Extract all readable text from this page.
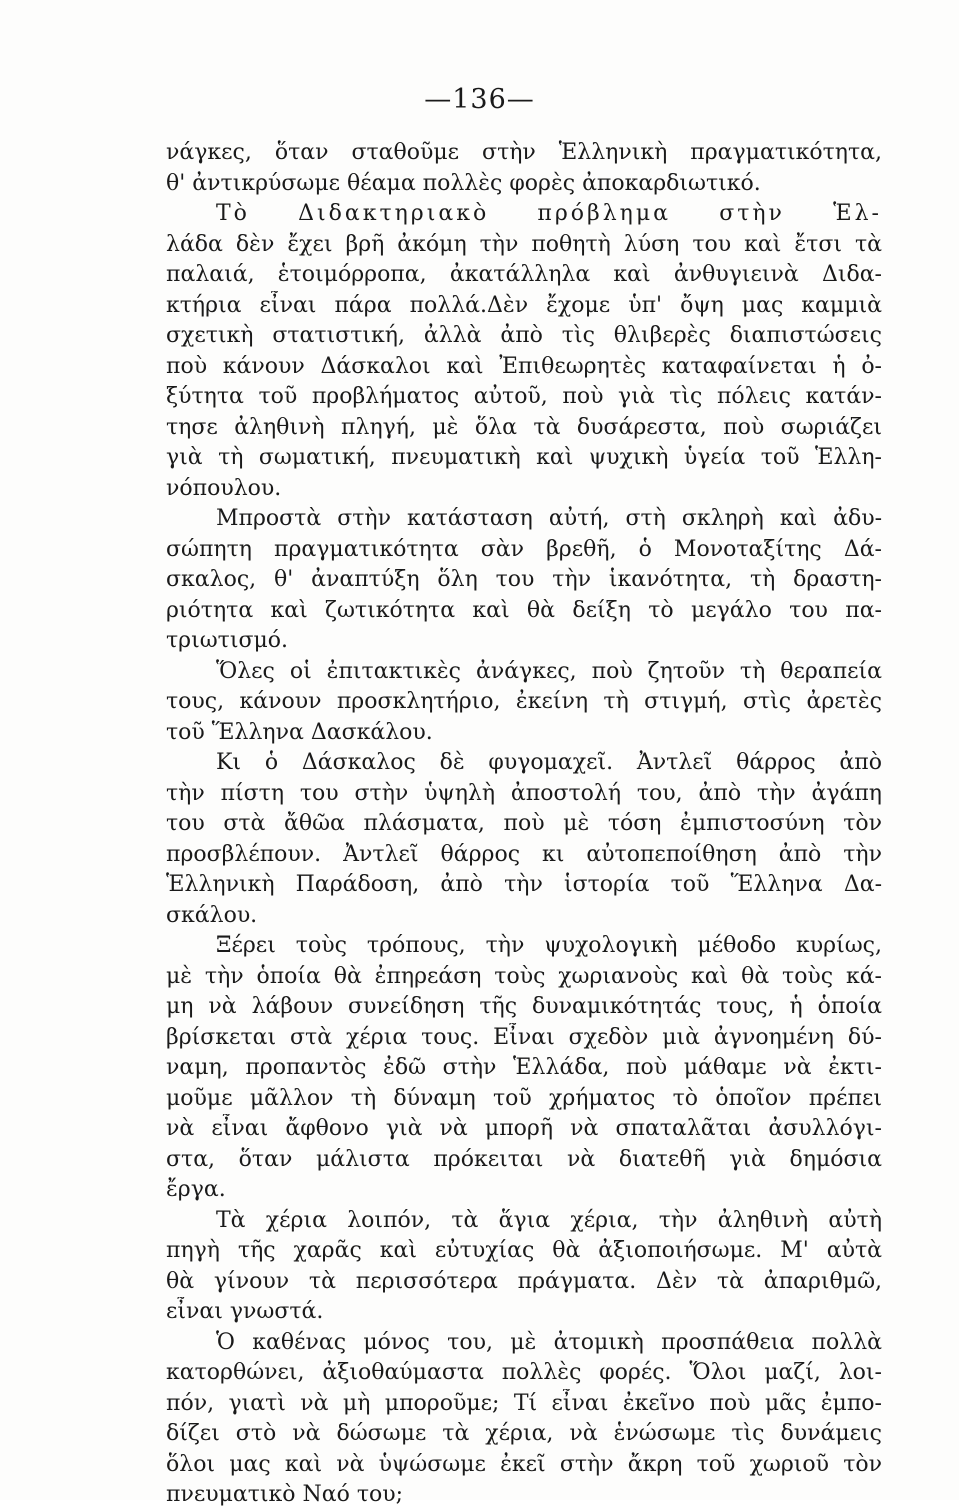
—136—
νάγκες, ὅταν σταθοῦμε στὴν Ἑλληνικὴ πραγματικότητα,
θ' ἀντικρύσωμε θέαμα πολλὲς φορὲς ἀποκαρδιωτικό.
Τὸ Διδακτηριακὸ πρόβλημα στὴν Ἑλ-
λάδα δὲν ἔχει βρῆ ἀκόμη τὴν ποθητὴ λύση του καὶ ἔτσι τὰ
παλαιά, ἑτοιμόρροπα, ἀκατάλληλα καὶ ἀνθυγιεινὰ Διδα-
κτήρια εἶναι πάρα πολλά.Δὲν ἔχομε ὑπ' ὄψη μας καμμιὰ
σχετικὴ στατιστική, ἀλλὰ ἀπὸ τὶς θλιβερὲς διαπιστώσεις
ποὺ κάνουν Δάσκαλοι καὶ Ἐπιθεωρητὲς καταφαίνεται ἡ ὀ-
ξύτητα τοῦ προβλήματος αὐτοῦ, ποὺ γιὰ τὶς πόλεις κατάν-
τησε ἀληθινὴ πληγή, μὲ ὅλα τὰ δυσάρεστα, ποὺ σωριάζει
γιὰ τὴ σωματική, πνευματικὴ καὶ ψυχικὴ ὑγεία τοῦ Ἑλλη-
νόπουλου.
Μπροστὰ στὴν κατάσταση αὐτή, στὴ σκληρὴ καὶ ἀδυ-
σώπητη πραγματικότητα σὰν βρεθῆ, ὁ Μονοταξίτης Δά-
σκαλος, θ' ἀναπτύξη ὅλη του τὴν ἱκανότητα, τὴ δραστη-
ριότητα καὶ ζωτικότητα καὶ θὰ δείξη τὸ μεγάλο του πα-
τριωτισμό.
Ὅλες οἱ ἐπιτακτικὲς ἀνάγκες, ποὺ ζητοῦν τὴ θεραπεία
τους, κάνουν προσκλητήριο, ἐκείνη τὴ στιγμή, στὶς ἀρετὲς
τοῦ Ἕλληνα Δασκάλου.
Κι ὁ Δάσκαλος δὲ φυγομαχεῖ. Ἀντλεῖ θάρρος ἀπὸ
τὴν πίστη του στὴν ὑψηλὴ ἀποστολή του, ἀπὸ τὴν ἀγάπη
του στὰ ἄθῶα πλάσματα, ποὺ μὲ τόση ἐμπιστοσύνη τὸν
προσβλέπουν. Ἀντλεῖ θάρρος κι αὐτοπεποίθηση ἀπὸ τὴν
Ἑλληνικὴ Παράδοση, ἀπὸ τὴν ἱστορία τοῦ Ἕλληνα Δα-
σκάλου.
Ξέρει τοὺς τρόπους, τὴν ψυχολογικὴ μέθοδο κυρίως,
μὲ τὴν ὁποία θὰ ἐπηρεάση τοὺς χωριανοὺς καὶ θὰ τοὺς κά-
μη νὰ λάβουν συνείδηση τῆς δυναμικότητάς τους, ἡ ὁποία
βρίσκεται στὰ χέρια τους. Εἶναι σχεδὸν μιὰ ἀγνοημένη δύ-
ναμη, προπαντὸς ἐδῶ στὴν Ἑλλάδα, ποὺ μάθαμε νὰ ἐκτι-
μοῦμε μᾶλλον τὴ δύναμη τοῦ χρήματος τὸ ὁποῖον πρέπει
νὰ εἶναι ἄφθονο γιὰ νὰ μπορῆ νὰ σπαταλᾶται ἀσυλλόγι-
στα, ὅταν μάλιστα πρόκειται νὰ διατεθῆ γιὰ δημόσια
ἔργα.
Τὰ χέρια λοιπόν, τὰ ἅγια χέρια, τὴν ἀληθινὴ αὐτὴ
πηγὴ τῆς χαρᾶς καὶ εὐτυχίας θὰ ἀξιοποιήσωμε. Μ' αὐτὰ
θὰ γίνουν τὰ περισσότερα πράγματα. Δὲν τὰ ἀπαριθμῶ,
εἶναι γνωστά.
Ὁ καθένας μόνος του, μὲ ἀτομικὴ προσπάθεια πολλὰ
κατορθώνει, ἀξιοθαύμαστα πολλὲς φορές. Ὅλοι μαζί, λοι-
πόν, γιατὶ νὰ μὴ μποροῦμε; Τί εἶναι ἐκεῖνο ποὺ μᾶς ἐμπο-
δίζει στὸ νὰ δώσωμε τὰ χέρια, νὰ ἑνώσωμε τὶς δυνάμεις
ὅλοι μας καὶ νὰ ὑψώσωμε ἐκεῖ στὴν ἄκρη τοῦ χωριοῦ τὸν
πνευματικὸ Ναό του;
